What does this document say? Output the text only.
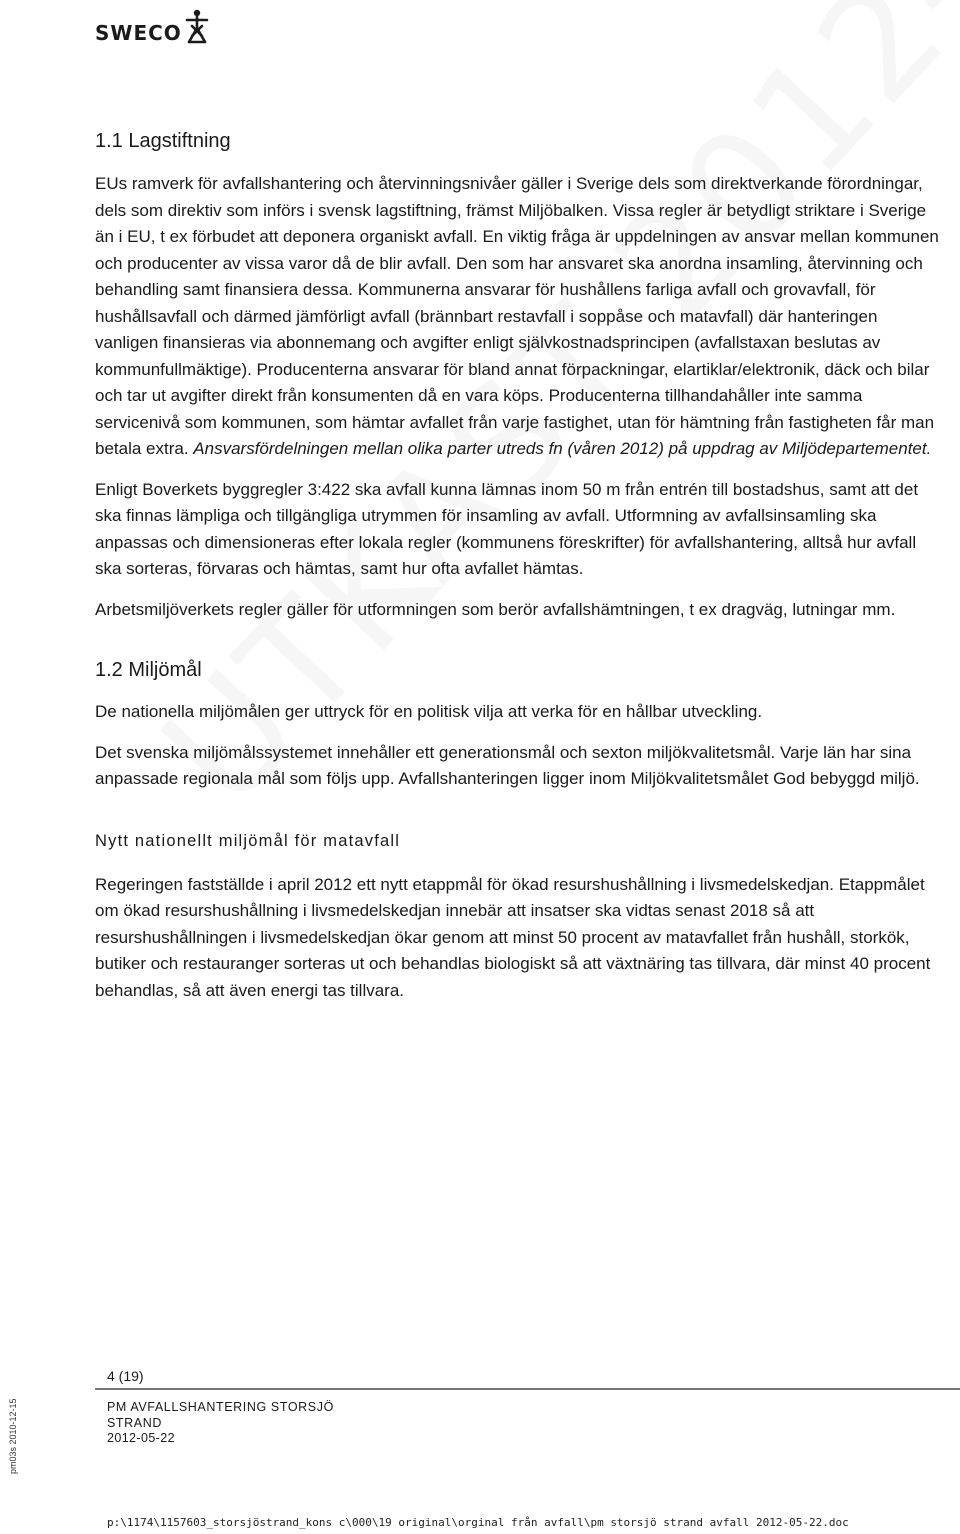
SWECO
1.1 Lagstiftning

EUs ramverk för avfallshantering och återvinningsnivåer gäller i Sverige dels som direktverkande förordningar, dels som direktiv som införs i svensk lagstiftning, främst Miljöbalken. Vissa regler är betydligt striktare i Sverige än i EU, t ex förbudet att deponera organiskt avfall. En viktig fråga är uppdelningen av ansvar mellan kommunen och producenter av vissa varor då de blir avfall. Den som har ansvaret ska anordna insamling, återvinning och behandling samt finansiera dessa. Kommunerna ansvarar för hushållens farliga avfall och grovavfall, för hushållsavfall och därmed jämförligt avfall (brännbart restavfall i soppåse och matavfall) där hanteringen vanligen finansieras via abonnemang och avgifter enligt självkostnadsprincipen (avfallstaxan beslutas av kommunfullmäktige). Producenterna ansvarar för bland annat förpackningar, elartiklar/elektronik, däck och bilar och tar ut avgifter direkt från konsumenten då en vara köps. Producenterna tillhandahåller inte samma servicenivå som kommunen, som hämtar avfallet från varje fastighet, utan för hämtning från fastigheten får man betala extra. Ansvarsfördelningen mellan olika parter utreds fn (våren 2012) på uppdrag av Miljödepartementet.

Enligt Boverkets byggregler 3:422 ska avfall kunna lämnas inom 50 m från entrén till bostadshus, samt att det ska finnas lämpliga och tillgängliga utrymmen för insamling av avfall. Utformning av avfallsinsamling ska anpassas och dimensioneras efter lokala regler (kommunens föreskrifter) för avfallshantering, alltså hur avfall ska sorteras, förvaras och hämtas, samt hur ofta avfallet hämtas.

Arbetsmiljöverkets regler gäller för utformningen som berör avfallshämtningen, t ex dragväg, lutningar mm.

1.2 Miljömål

De nationella miljömålen ger uttryck för en politisk vilja att verka för en hållbar utveckling.

Det svenska miljömålssystemet innehåller ett generationsmål och sexton miljökvalitetsmål. Varje län har sina anpassade regionala mål som följs upp. Avfallshanteringen ligger inom Miljökvalitetsmålet God bebyggd miljö.

Nytt nationellt miljömål för matavfall

Regeringen fastställde i april 2012 ett nytt etappmål för ökad resurshushållning i livsmedelskedjan. Etappmålet om ökad resurshushållning i livsmedelskedjan innebär att insatser ska vidtas senast 2018 så att resurshushållningen i livsmedelskedjan ökar genom att minst 50 procent av matavfallet från hushåll, storkök, butiker och restauranger sorteras ut och behandlas biologiskt så att växtnäring tas tillvara, där minst 40 procent behandlas, så att även energi tas tillvara.

pm03s 2010-12-15
4 (19)
PM AVFALLSHANTERING STORSJÖ
STRAND
2012-05-22
p:\1174\1157603_storsjöstrand_kons c\000\19 original\orginal från avfall\pm storsjö strand avfall 2012-05-22.doc
